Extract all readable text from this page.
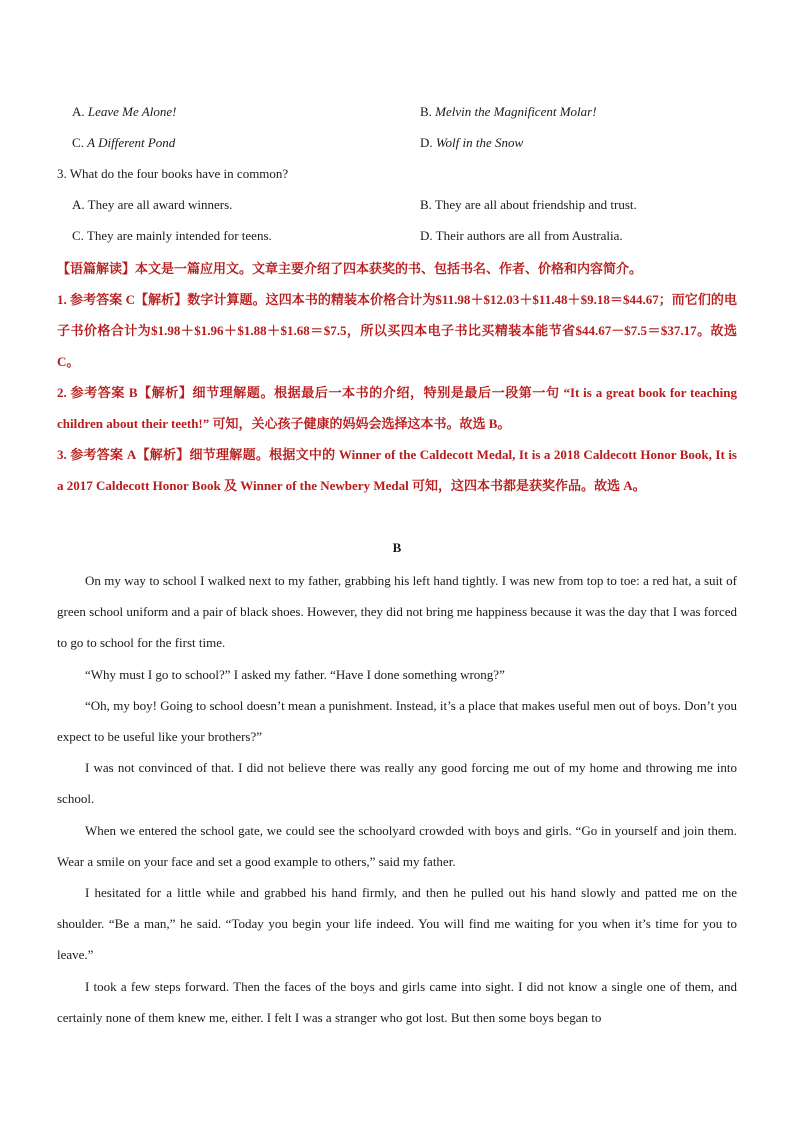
A. Leave Me Alone!	B. Melvin the Magnificent Molar!
C. A Different Pond	D. Wolf in the Snow
3. What do the four books have in common?
A. They are all award winners.	B. They are all about friendship and trust.
C. They are mainly intended for teens.	D. Their authors are all from Australia.
【语篇解读】本文是一篇应用文。文章主要介绍了四本获奖的书、包括书名、作者、价格和内容简介。
1. 参考答案 C【解析】数字计算题。这四本书的精装本价格合计为$11.98＋$12.03＋$11.48＋$9.18＝$44.67；而它们的电子书价格合计为$1.98＋$1.96＋$1.88＋$1.68＝$7.5，所以买四本电子书比买精装本能节省$44.67－$7.5＝$37.17。故选 C。
2. 参考答案 B【解析】细节理解题。根据最后一本书的介绍，特别是最后一段第一句 “It is a great book for teaching children about their teeth!” 可知，关心孩子健康的妈妈会选择这本书。故选 B。
3. 参考答案 A【解析】细节理解题。根据文中的 Winner of the Caldecott Medal, It is a 2018 Caldecott Honor Book, It is a 2017 Caldecott Honor Book 及 Winner of the Newbery Medal 可知，这四本书都是获奖作品。故选 A。
B

On my way to school I walked next to my father, grabbing his left hand tightly. I was new from top to toe: a red hat, a suit of green school uniform and a pair of black shoes. However, they did not bring me happiness because it was the day that I was forced to go to school for the first time.

“Why must I go to school?” I asked my father. “Have I done something wrong?”

“Oh, my boy! Going to school doesn’t mean a punishment. Instead, it’s a place that makes useful men out of boys. Don’t you expect to be useful like your brothers?”

I was not convinced of that. I did not believe there was really any good forcing me out of my home and throwing me into school.

When we entered the school gate, we could see the schoolyard crowded with boys and girls. “Go in yourself and join them. Wear a smile on your face and set a good example to others,” said my father.

I hesitated for a little while and grabbed his hand firmly, and then he pulled out his hand slowly and patted me on the shoulder. “Be a man,” he said. “Today you begin your life indeed. You will find me waiting for you when it’s time for you to leave.”

I took a few steps forward. Then the faces of the boys and girls came into sight. I did not know a single one of them, and certainly none of them knew me, either. I felt I was a stranger who got lost. But then some boys began to
